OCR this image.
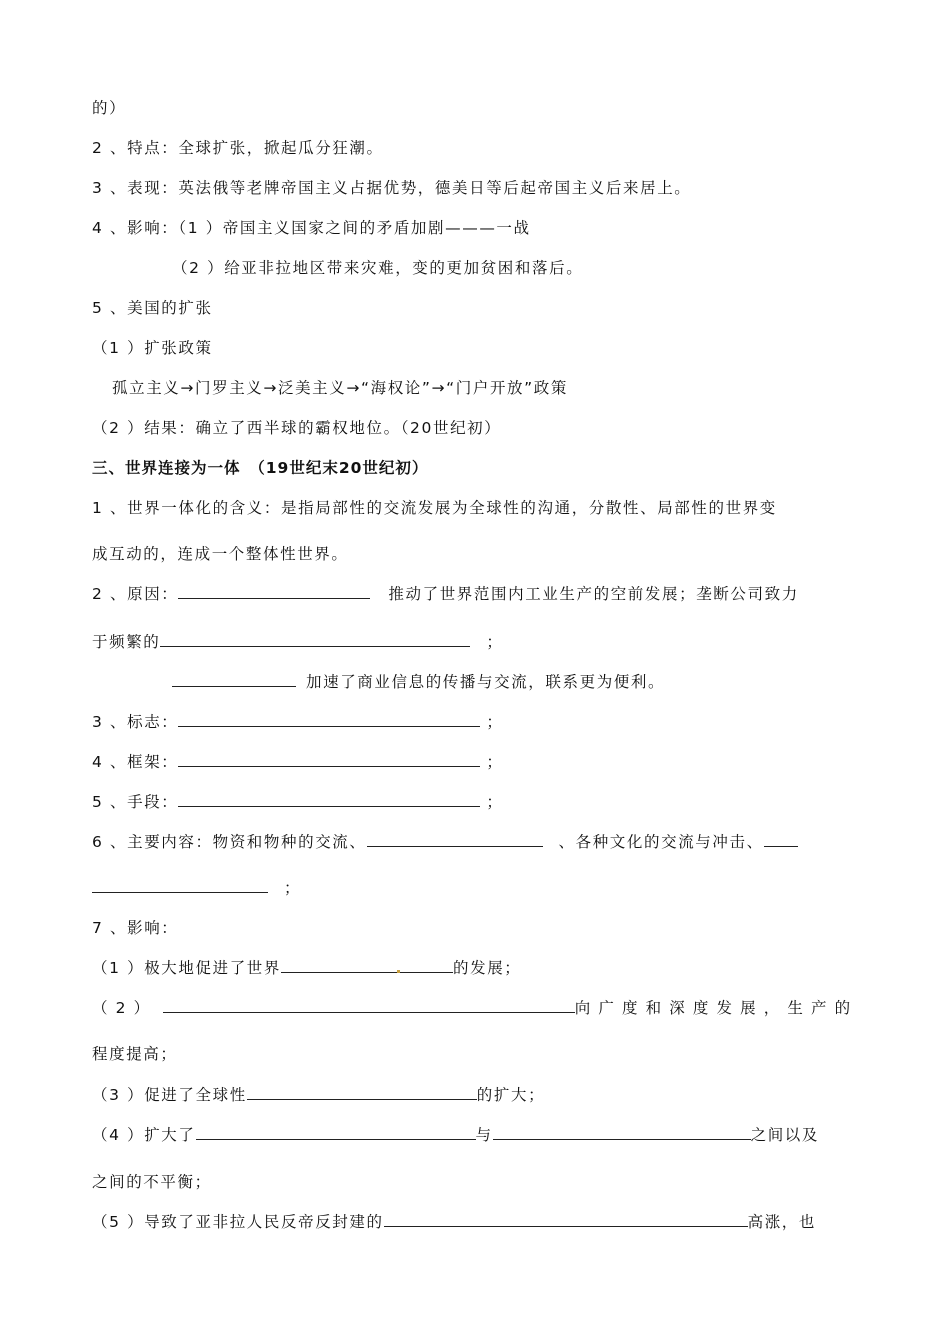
的）
2 、特点：全球扩张，掀起瓜分狂潮。
3 、表现：英法俄等老牌帝国主义占据优势，德美日等后起帝国主义后来居上。
4 、影响：（1 ）帝国主义国家之间的矛盾加剧———一战
（2 ）给亚非拉地区带来灾难，变的更加贫困和落后。
5 、美国的扩张
（1 ）扩张政策
孤立主义→门罗主义→泛美主义→“海权论”→“门户开放”政策
（2 ）结果：确立了西半球的霸权地位。（20世纪初）
三、世界连接为一体　（19世纪末20世纪初）
1 、世界一体化的含义：是指局部性的交流发展为全球性的沟通，分散性、局部性的世界变
成互动的，连成一个整体性世界。
2 、原因：	推动了世界范围内工业生产的空前发展；垄断公司致力
于频繁的	；
加速了商业信息的传播与交流，联系更为便利。
3 、标志：	；
4 、框架：	；
5 、手段：	；
6 、主要内容：物资和物种的交流、	、各种文化的交流与冲击、
；
7 、影响：
（1 ）极大地促进了世界	的发展；
（ 2 ）	向 广 度 和 深 度 发 展 ， 生 产 的
程度提高；
（3 ）促进了全球性	的扩大；
（4 ）扩大了	与	之间以及
之间的不平衡；
（5 ）导致了亚非拉人民反帝反封建的	高涨，也
